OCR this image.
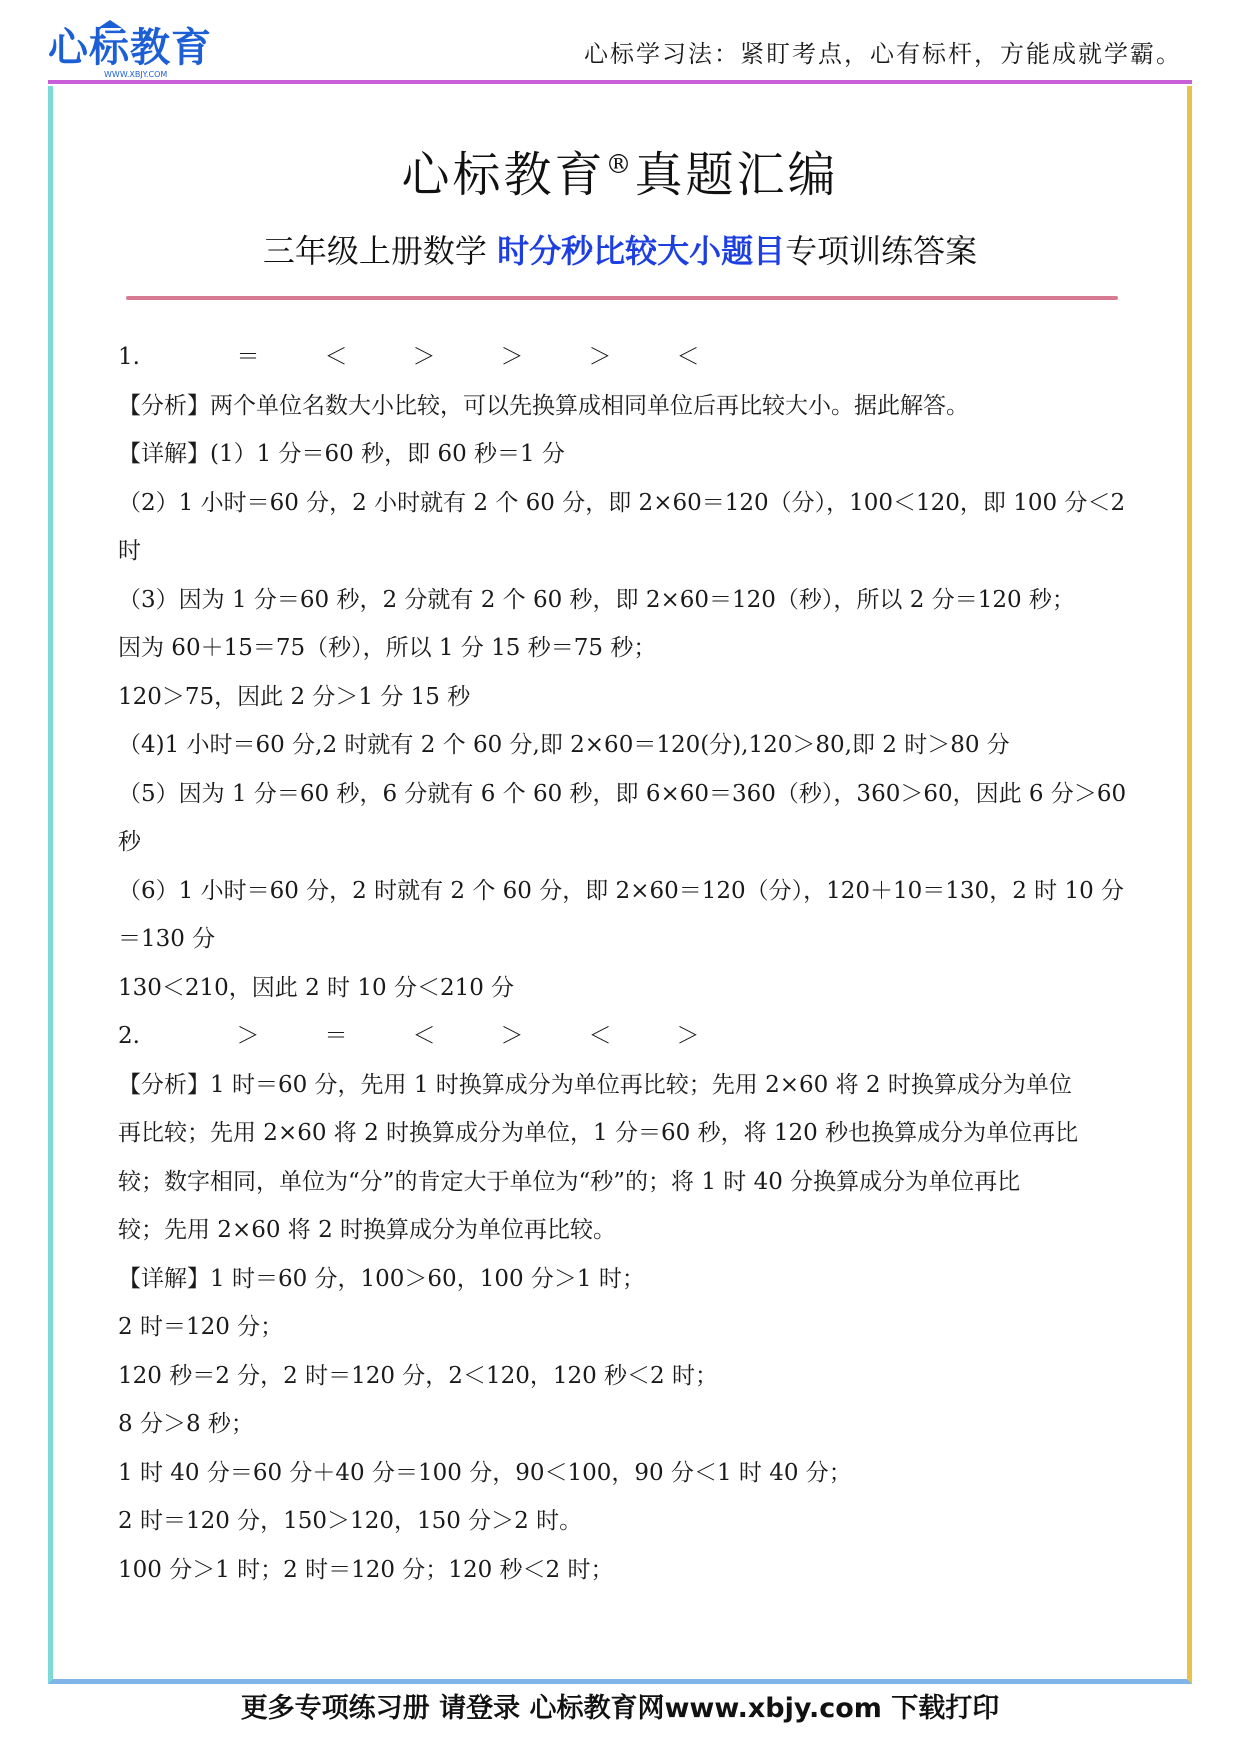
心标教育
WWW.XBJY.COM
心标学习法：紧盯考点，心有标杆，方能成就学霸。
心标教育®真题汇编
三年级上册数学 时分秒比较大小题目专项训练答案
1.	＝	＜	＞	＞	＞	＜
【分析】两个单位名数大小比较，可以先换算成相同单位后再比较大小。据此解答。
【详解】(1）1 分＝60 秒，即 60 秒＝1 分
（2）1 小时＝60 分，2 小时就有 2 个 60 分，即 2×60＝120（分），100＜120，即 100 分＜2
时
（3）因为 1 分＝60 秒，2 分就有 2 个 60 秒，即 2×60＝120（秒），所以 2 分＝120 秒；
因为 60＋15＝75（秒），所以 1 分 15 秒＝75 秒；
120＞75，因此 2 分＞1 分 15 秒
（4)1 小时＝60 分,2 时就有 2 个 60 分,即 2×60＝120(分),120＞80,即 2 时＞80 分
（5）因为 1 分＝60 秒，6 分就有 6 个 60 秒，即 6×60＝360（秒），360＞60，因此 6 分＞60
秒
（6）1 小时＝60 分，2 时就有 2 个 60 分，即 2×60＝120（分），120＋10＝130，2 时 10 分
＝130 分
130＜210，因此 2 时 10 分＜210 分
2.	＞	＝	＜	＞	＜	＞
【分析】1 时＝60 分，先用 1 时换算成分为单位再比较；先用 2×60 将 2 时换算成分为单位
再比较；先用 2×60 将 2 时换算成分为单位，1 分＝60 秒，将 120 秒也换算成分为单位再比
较；数字相同，单位为“分”的肯定大于单位为“秒”的；将 1 时 40 分换算成分为单位再比
较；先用 2×60 将 2 时换算成分为单位再比较。
【详解】1 时＝60 分，100＞60，100 分＞1 时；
2 时＝120 分；
120 秒＝2 分，2 时＝120 分，2＜120，120 秒＜2 时；
8 分＞8 秒；
1 时 40 分＝60 分＋40 分＝100 分，90＜100，90 分＜1 时 40 分；
2 时＝120 分，150＞120，150 分＞2 时。
100 分＞1 时；2 时＝120 分；120 秒＜2 时；
更多专项练习册 请登录 心标教育网www.xbjy.com 下载打印
